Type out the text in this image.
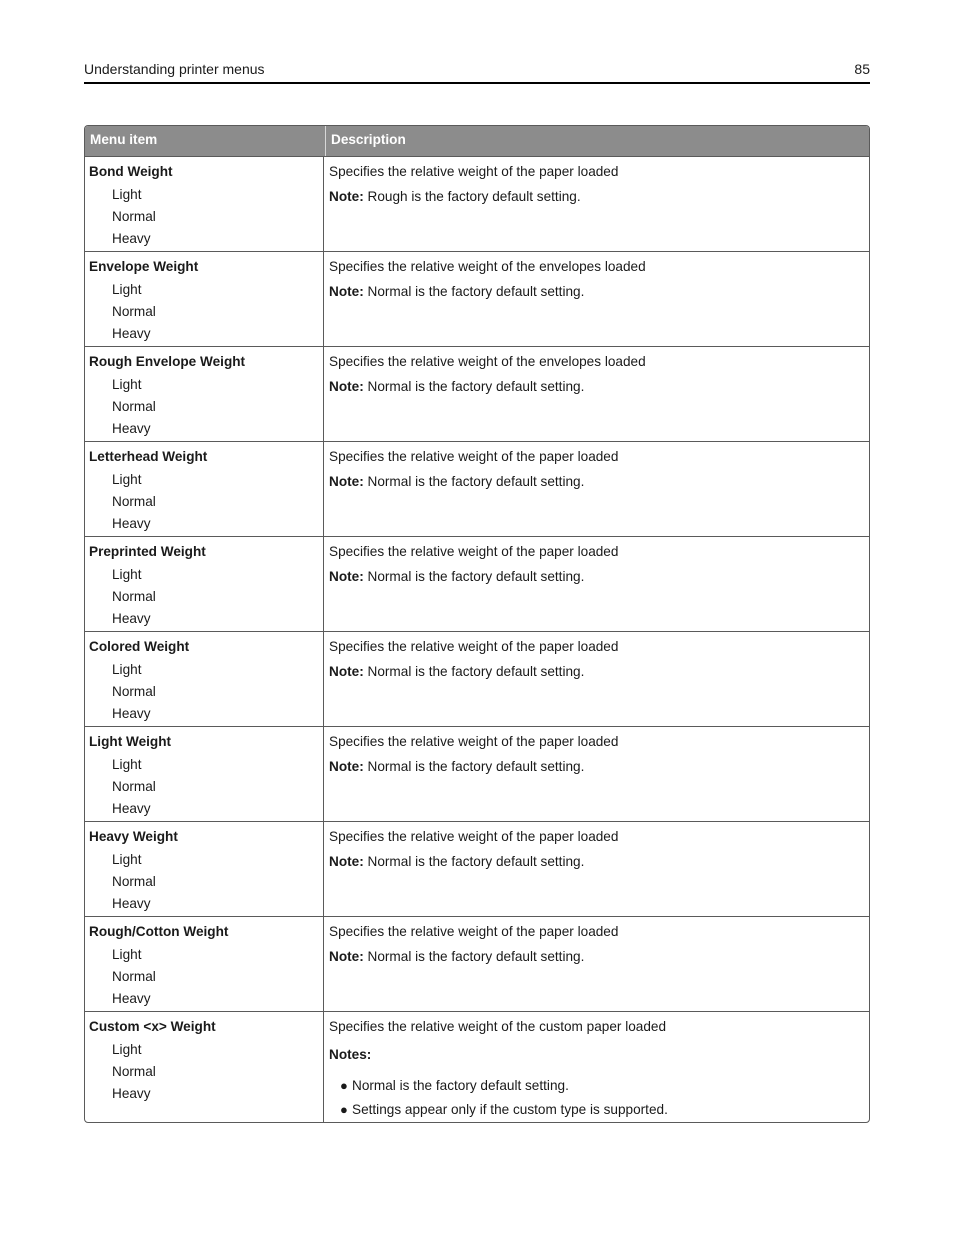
Understanding printer menus	85
Menu item	Description
Bond Weight
Light
Normal
Heavy
Specifies the relative weight of the paper loaded
Note: Rough is the factory default setting.
Envelope Weight
Light
Normal
Heavy
Specifies the relative weight of the envelopes loaded
Note: Normal is the factory default setting.
Rough Envelope Weight
Light
Normal
Heavy
Specifies the relative weight of the envelopes loaded
Note: Normal is the factory default setting.
Letterhead Weight
Light
Normal
Heavy
Specifies the relative weight of the paper loaded
Note: Normal is the factory default setting.
Preprinted Weight
Light
Normal
Heavy
Specifies the relative weight of the paper loaded
Note: Normal is the factory default setting.
Colored Weight
Light
Normal
Heavy
Specifies the relative weight of the paper loaded
Note: Normal is the factory default setting.
Light Weight
Light
Normal
Heavy
Specifies the relative weight of the paper loaded
Note: Normal is the factory default setting.
Heavy Weight
Light
Normal
Heavy
Specifies the relative weight of the paper loaded
Note: Normal is the factory default setting.
Rough/Cotton Weight
Light
Normal
Heavy
Specifies the relative weight of the paper loaded
Note: Normal is the factory default setting.
Custom <x> Weight
Light
Normal
Heavy
Specifies the relative weight of the custom paper loaded
Notes:
● Normal is the factory default setting.
● Settings appear only if the custom type is supported.
